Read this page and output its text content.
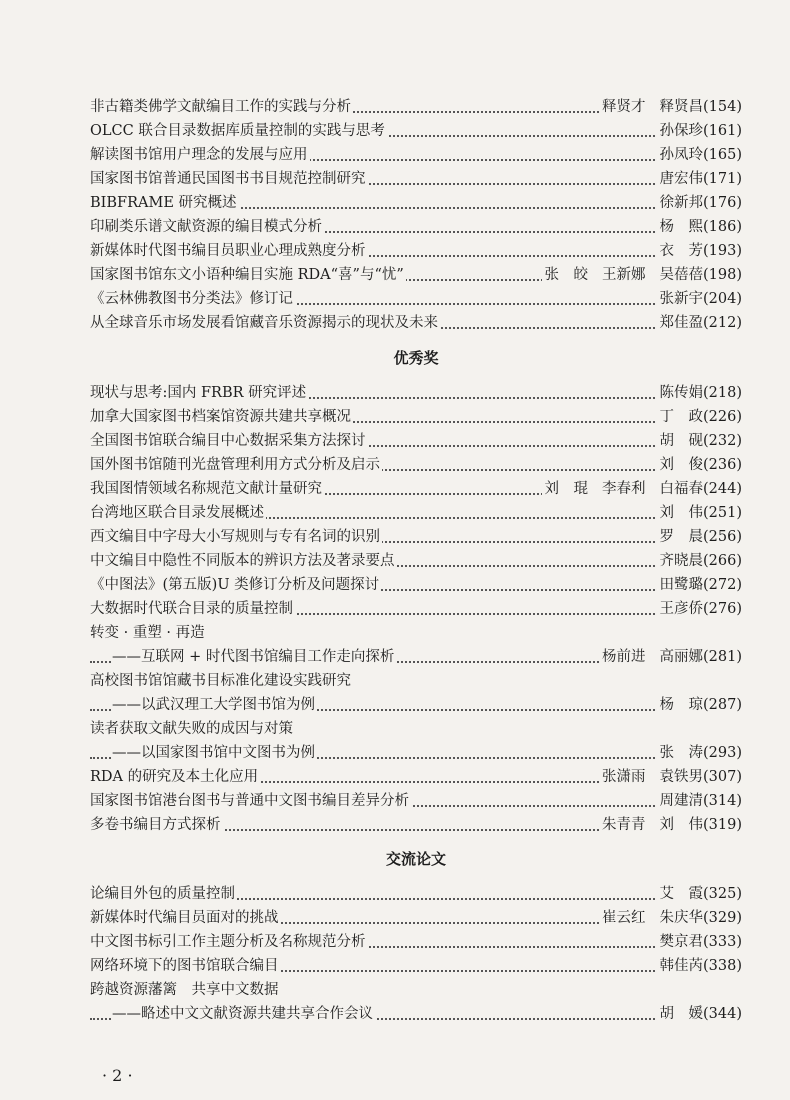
非古籍类佛学文献编目工作的实践与分析	释贤才 释贤昌(154)
OLCC 联合目录数据库质量控制的实践与思考	孙保珍(161)
解读图书馆用户理念的发展与应用	孙凤玲(165)
国家图书馆普通民国图书书目规范控制研究	唐宏伟(171)
BIBFRAME 研究概述	徐新邦(176)
印刷类乐谱文献资源的编目模式分析	杨　熙(186)
新媒体时代图书编目员职业心理成熟度分析	衣　芳(193)
国家图书馆东文小语种编目实施 RDA“喜”与“忧”	张　皎 王新娜 吴蓓蓓(198)
《云林佛教图书分类法》修订记	张新宇(204)
从全球音乐市场发展看馆藏音乐资源揭示的现状及未来	郑佳盈(212)
优秀奖
现状与思考:国内 FRBR 研究评述	陈传娟(218)
加拿大国家图书档案馆资源共建共享概况	丁　政(226)
全国图书馆联合编目中心数据采集方法探讨	胡　砚(232)
国外图书馆随刊光盘管理利用方式分析及启示	刘　俊(236)
我国图情领域名称规范文献计量研究	刘　琨 李春利 白福春(244)
台湾地区联合目录发展概述	刘　伟(251)
西文编目中字母大小写规则与专有名词的识别	罗　晨(256)
中文编目中隐性不同版本的辨识方法及著录要点	齐晓晨(266)
《中图法》(第五版)U 类修订分析及问题探讨	田鹭璐(272)
大数据时代联合目录的质量控制	王彦侨(276)
转变 · 重塑 · 再造
——互联网 + 时代图书馆编目工作走向探析	杨前进 高丽娜(281)
高校图书馆馆藏书目标准化建设实践研究
——以武汉理工大学图书馆为例	杨　琼(287)
读者获取文献失败的成因与对策
——以国家图书馆中文图书为例	张　涛(293)
RDA 的研究及本土化应用	张潇雨 袁铁男(307)
国家图书馆港台图书与普通中文图书编目差异分析	周建清(314)
多卷书编目方式探析	朱青青 刘　伟(319)
交流论文
论编目外包的质量控制	艾　霞(325)
新媒体时代编目员面对的挑战	崔云红 朱庆华(329)
中文图书标引工作主题分析及名称规范分析	樊京君(333)
网络环境下的图书馆联合编目	韩佳芮(338)
跨越资源藩篱　共享中文数据
——略述中文文献资源共建共享合作会议	胡　媛(344)
· 2 ·
